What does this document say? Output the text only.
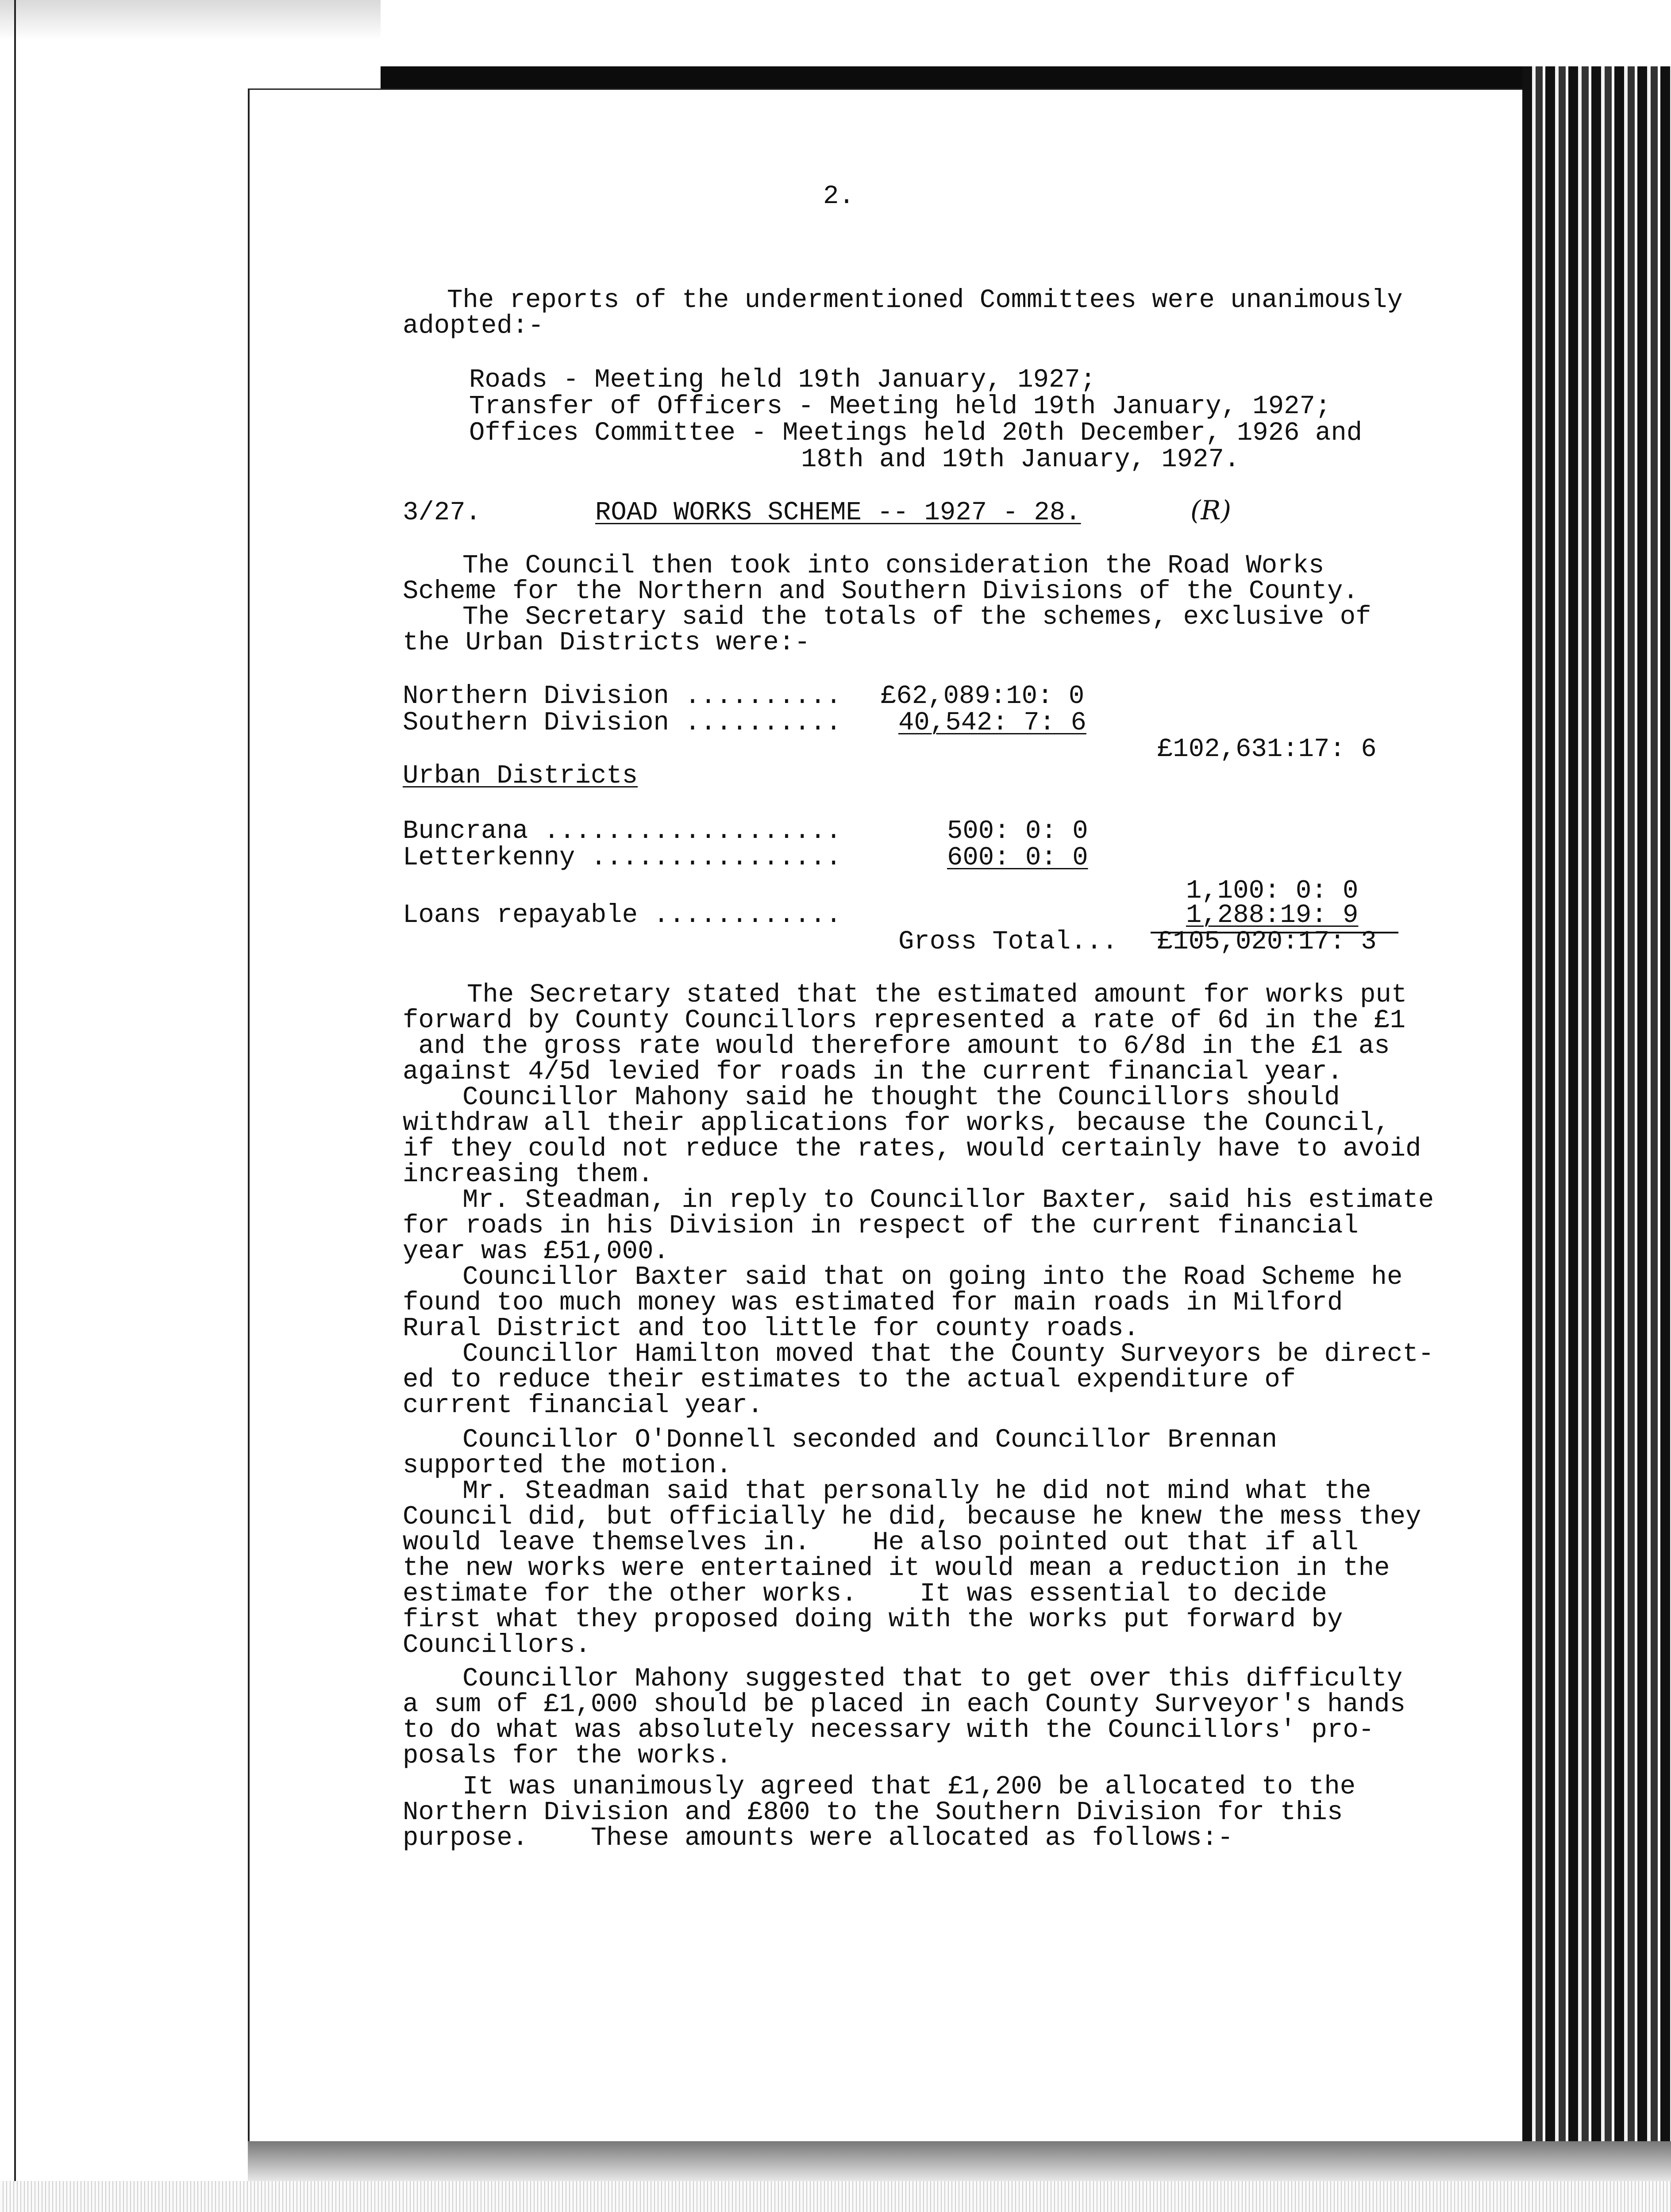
2.
The reports of the undermentioned Committees were unanimously
adopted:-
Roads - Meeting held 19th January, 1927;
Transfer of Officers - Meeting held 19th January, 1927;
Offices Committee - Meetings held 20th December, 1926 and
18th and 19th January, 1927.
3/27.	ROAD WORKS SCHEME -- 1927 - 28.	(R)
The Council then took into consideration the Road Works
Scheme for the Northern and Southern Divisions of the County.
The Secretary said the totals of the schemes, exclusive of
the Urban Districts were:-
Northern Division .......... £62,089:10: 0
Southern Division .......... 40,542: 7: 6
£102,631:17: 6
Urban Districts
Buncrana ...................	500: 0: 0
Letterkenny ................	600: 0: 0
1,100: 0: 0
Loans repayable ............	1,288:19: 9
Gross Total... £105,020:17: 3
The Secretary stated that the estimated amount for works put
forward by County Councillors represented a rate of 6d in the £1
and the gross rate would therefore amount to 6/8d in the £1 as
against 4/5d levied for roads in the current financial year.
Councillor Mahony said he thought the Councillors should
withdraw all their applications for works, because the Council,
if they could not reduce the rates, would certainly have to avoid
increasing them.
Mr. Steadman, in reply to Councillor Baxter, said his estimate
for roads in his Division in respect of the current financial
year was £51,000.
Councillor Baxter said that on going into the Road Scheme he
found too much money was estimated for main roads in Milford
Rural District and too little for county roads.
Councillor Hamilton moved that the County Surveyors be direct-
ed to reduce their estimates to the actual expenditure of
current financial year.
Councillor O'Donnell seconded and Councillor Brennan
supported the motion.
Mr. Steadman said that personally he did not mind what the
Council did, but officially he did, because he knew the mess they
would leave themselves in.    He also pointed out that if all
the new works were entertained it would mean a reduction in the
estimate for the other works.    It was essential to decide
first what they proposed doing with the works put forward by
Councillors.
Councillor Mahony suggested that to get over this difficulty
a sum of £1,000 should be placed in each County Surveyor's hands
to do what was absolutely necessary with the Councillors' pro-
posals for the works.
It was unanimously agreed that £1,200 be allocated to the
Northern Division and £800 to the Southern Division for this
purpose.    These amounts were allocated as follows:-
